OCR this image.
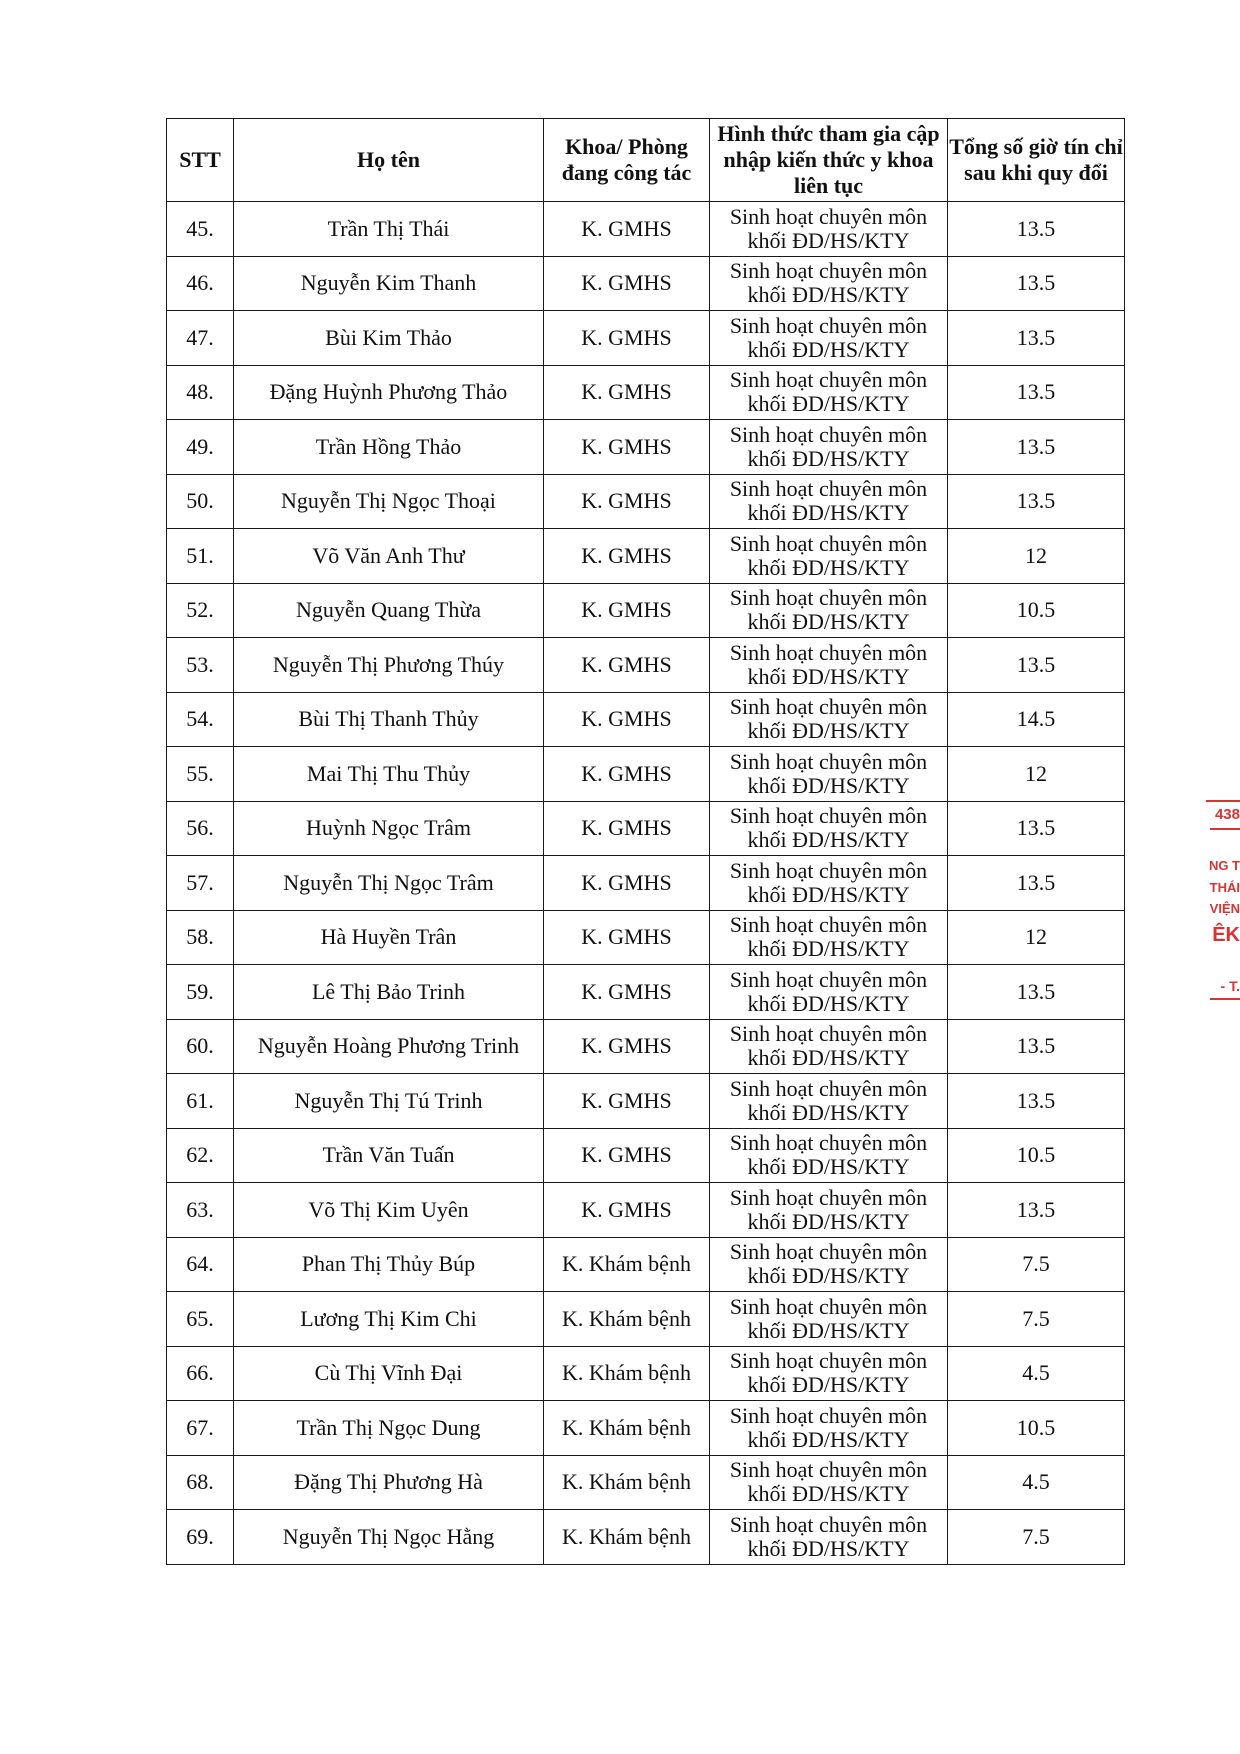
STT	Họ tên	Khoa/ Phòng đang công tác	Hình thức tham gia cập nhập kiến thức y khoa liên tục	Tổng số giờ tín chỉ sau khi quy đổi
45.	Trần Thị Thái	K. GMHS	Sinh hoạt chuyên môn khối ĐD/HS/KTY	13.5
46.	Nguyễn Kim Thanh	K. GMHS	Sinh hoạt chuyên môn khối ĐD/HS/KTY	13.5
47.	Bùi Kim Thảo	K. GMHS	Sinh hoạt chuyên môn khối ĐD/HS/KTY	13.5
48.	Đặng Huỳnh Phương Thảo	K. GMHS	Sinh hoạt chuyên môn khối ĐD/HS/KTY	13.5
49.	Trần Hồng Thảo	K. GMHS	Sinh hoạt chuyên môn khối ĐD/HS/KTY	13.5
50.	Nguyễn Thị Ngọc Thoại	K. GMHS	Sinh hoạt chuyên môn khối ĐD/HS/KTY	13.5
51.	Võ Văn Anh Thư	K. GMHS	Sinh hoạt chuyên môn khối ĐD/HS/KTY	12
52.	Nguyễn Quang Thừa	K. GMHS	Sinh hoạt chuyên môn khối ĐD/HS/KTY	10.5
53.	Nguyễn Thị Phương Thúy	K. GMHS	Sinh hoạt chuyên môn khối ĐD/HS/KTY	13.5
54.	Bùi Thị Thanh Thủy	K. GMHS	Sinh hoạt chuyên môn khối ĐD/HS/KTY	14.5
55.	Mai Thị Thu Thủy	K. GMHS	Sinh hoạt chuyên môn khối ĐD/HS/KTY	12
56.	Huỳnh Ngọc Trâm	K. GMHS	Sinh hoạt chuyên môn khối ĐD/HS/KTY	13.5
57.	Nguyễn Thị Ngọc Trâm	K. GMHS	Sinh hoạt chuyên môn khối ĐD/HS/KTY	13.5
58.	Hà Huyền Trân	K. GMHS	Sinh hoạt chuyên môn khối ĐD/HS/KTY	12
59.	Lê Thị Bảo Trinh	K. GMHS	Sinh hoạt chuyên môn khối ĐD/HS/KTY	13.5
60.	Nguyễn Hoàng Phương Trinh	K. GMHS	Sinh hoạt chuyên môn khối ĐD/HS/KTY	13.5
61.	Nguyễn Thị Tú Trinh	K. GMHS	Sinh hoạt chuyên môn khối ĐD/HS/KTY	13.5
62.	Trần Văn Tuấn	K. GMHS	Sinh hoạt chuyên môn khối ĐD/HS/KTY	10.5
63.	Võ Thị Kim Uyên	K. GMHS	Sinh hoạt chuyên môn khối ĐD/HS/KTY	13.5
64.	Phan Thị Thủy Búp	K. Khám bệnh	Sinh hoạt chuyên môn khối ĐD/HS/KTY	7.5
65.	Lương Thị Kim Chi	K. Khám bệnh	Sinh hoạt chuyên môn khối ĐD/HS/KTY	7.5
66.	Cù Thị Vĩnh Đại	K. Khám bệnh	Sinh hoạt chuyên môn khối ĐD/HS/KTY	4.5
67.	Trần Thị Ngọc Dung	K. Khám bệnh	Sinh hoạt chuyên môn khối ĐD/HS/KTY	10.5
68.	Đặng Thị Phương Hà	K. Khám bệnh	Sinh hoạt chuyên môn khối ĐD/HS/KTY	4.5
69.	Nguyễn Thị Ngọc Hằng	K. Khám bệnh	Sinh hoạt chuyên môn khối ĐD/HS/KTY	7.5
438
NG T
THÁI
VIỆN
ÊK
- T.
